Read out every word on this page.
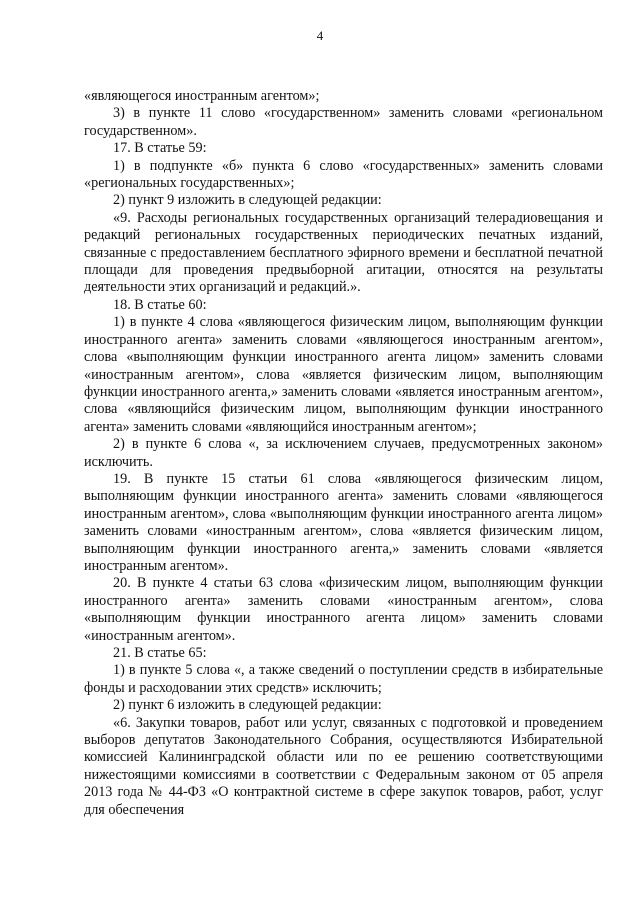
4

«являющегося иностранным агентом»;

3) в пункте 11 слово «государственном» заменить словами «региональном государственном».

17. В статье 59:

1) в подпункте «б» пункта 6 слово «государственных» заменить словами «региональных государственных»;

2) пункт 9 изложить в следующей редакции:

«9. Расходы региональных государственных организаций телерадиовещания и редакций региональных государственных периодических печатных изданий, связанные с предоставлением бесплатного эфирного времени и бесплатной печатной площади для проведения предвыборной агитации, относятся на результаты деятельности этих организаций и редакций.».

18. В статье 60:

1) в пункте 4 слова «являющегося физическим лицом, выполняющим функции иностранного агента» заменить словами «являющегося иностранным агентом», слова «выполняющим функции иностранного агента лицом» заменить словами «иностранным агентом», слова «является физическим лицом, выполняющим функции иностранного агента,» заменить словами «является иностранным агентом», слова «являющийся физическим лицом, выполняющим функции иностранного агента» заменить словами «являющийся иностранным агентом»;

2) в пункте 6 слова «, за исключением случаев, предусмотренных законом» исключить.

19. В пункте 15 статьи 61 слова «являющегося физическим лицом, выполняющим функции иностранного агента» заменить словами «являющегося иностранным агентом», слова «выполняющим функции иностранного агента лицом» заменить словами «иностранным агентом», слова «является физическим лицом, выполняющим функции иностранного агента,» заменить словами «является иностранным агентом».

20. В пункте 4 статьи 63 слова «физическим лицом, выполняющим функции иностранного агента» заменить словами «иностранным агентом», слова «выполняющим функции иностранного агента лицом» заменить словами «иностранным агентом».

21. В статье 65:

1) в пункте 5 слова «, а также сведений о поступлении средств в избирательные фонды и расходовании этих средств» исключить;

2) пункт 6 изложить в следующей редакции:

«6. Закупки товаров, работ или услуг, связанных с подготовкой и проведением выборов депутатов Законодательного Собрания, осуществляются Избирательной комиссией Калининградской области или по ее решению соответствующими нижестоящими комиссиями в соответствии с Федеральным законом от 05 апреля 2013 года № 44-ФЗ «О контрактной системе в сфере закупок товаров, работ, услуг для обеспечения
